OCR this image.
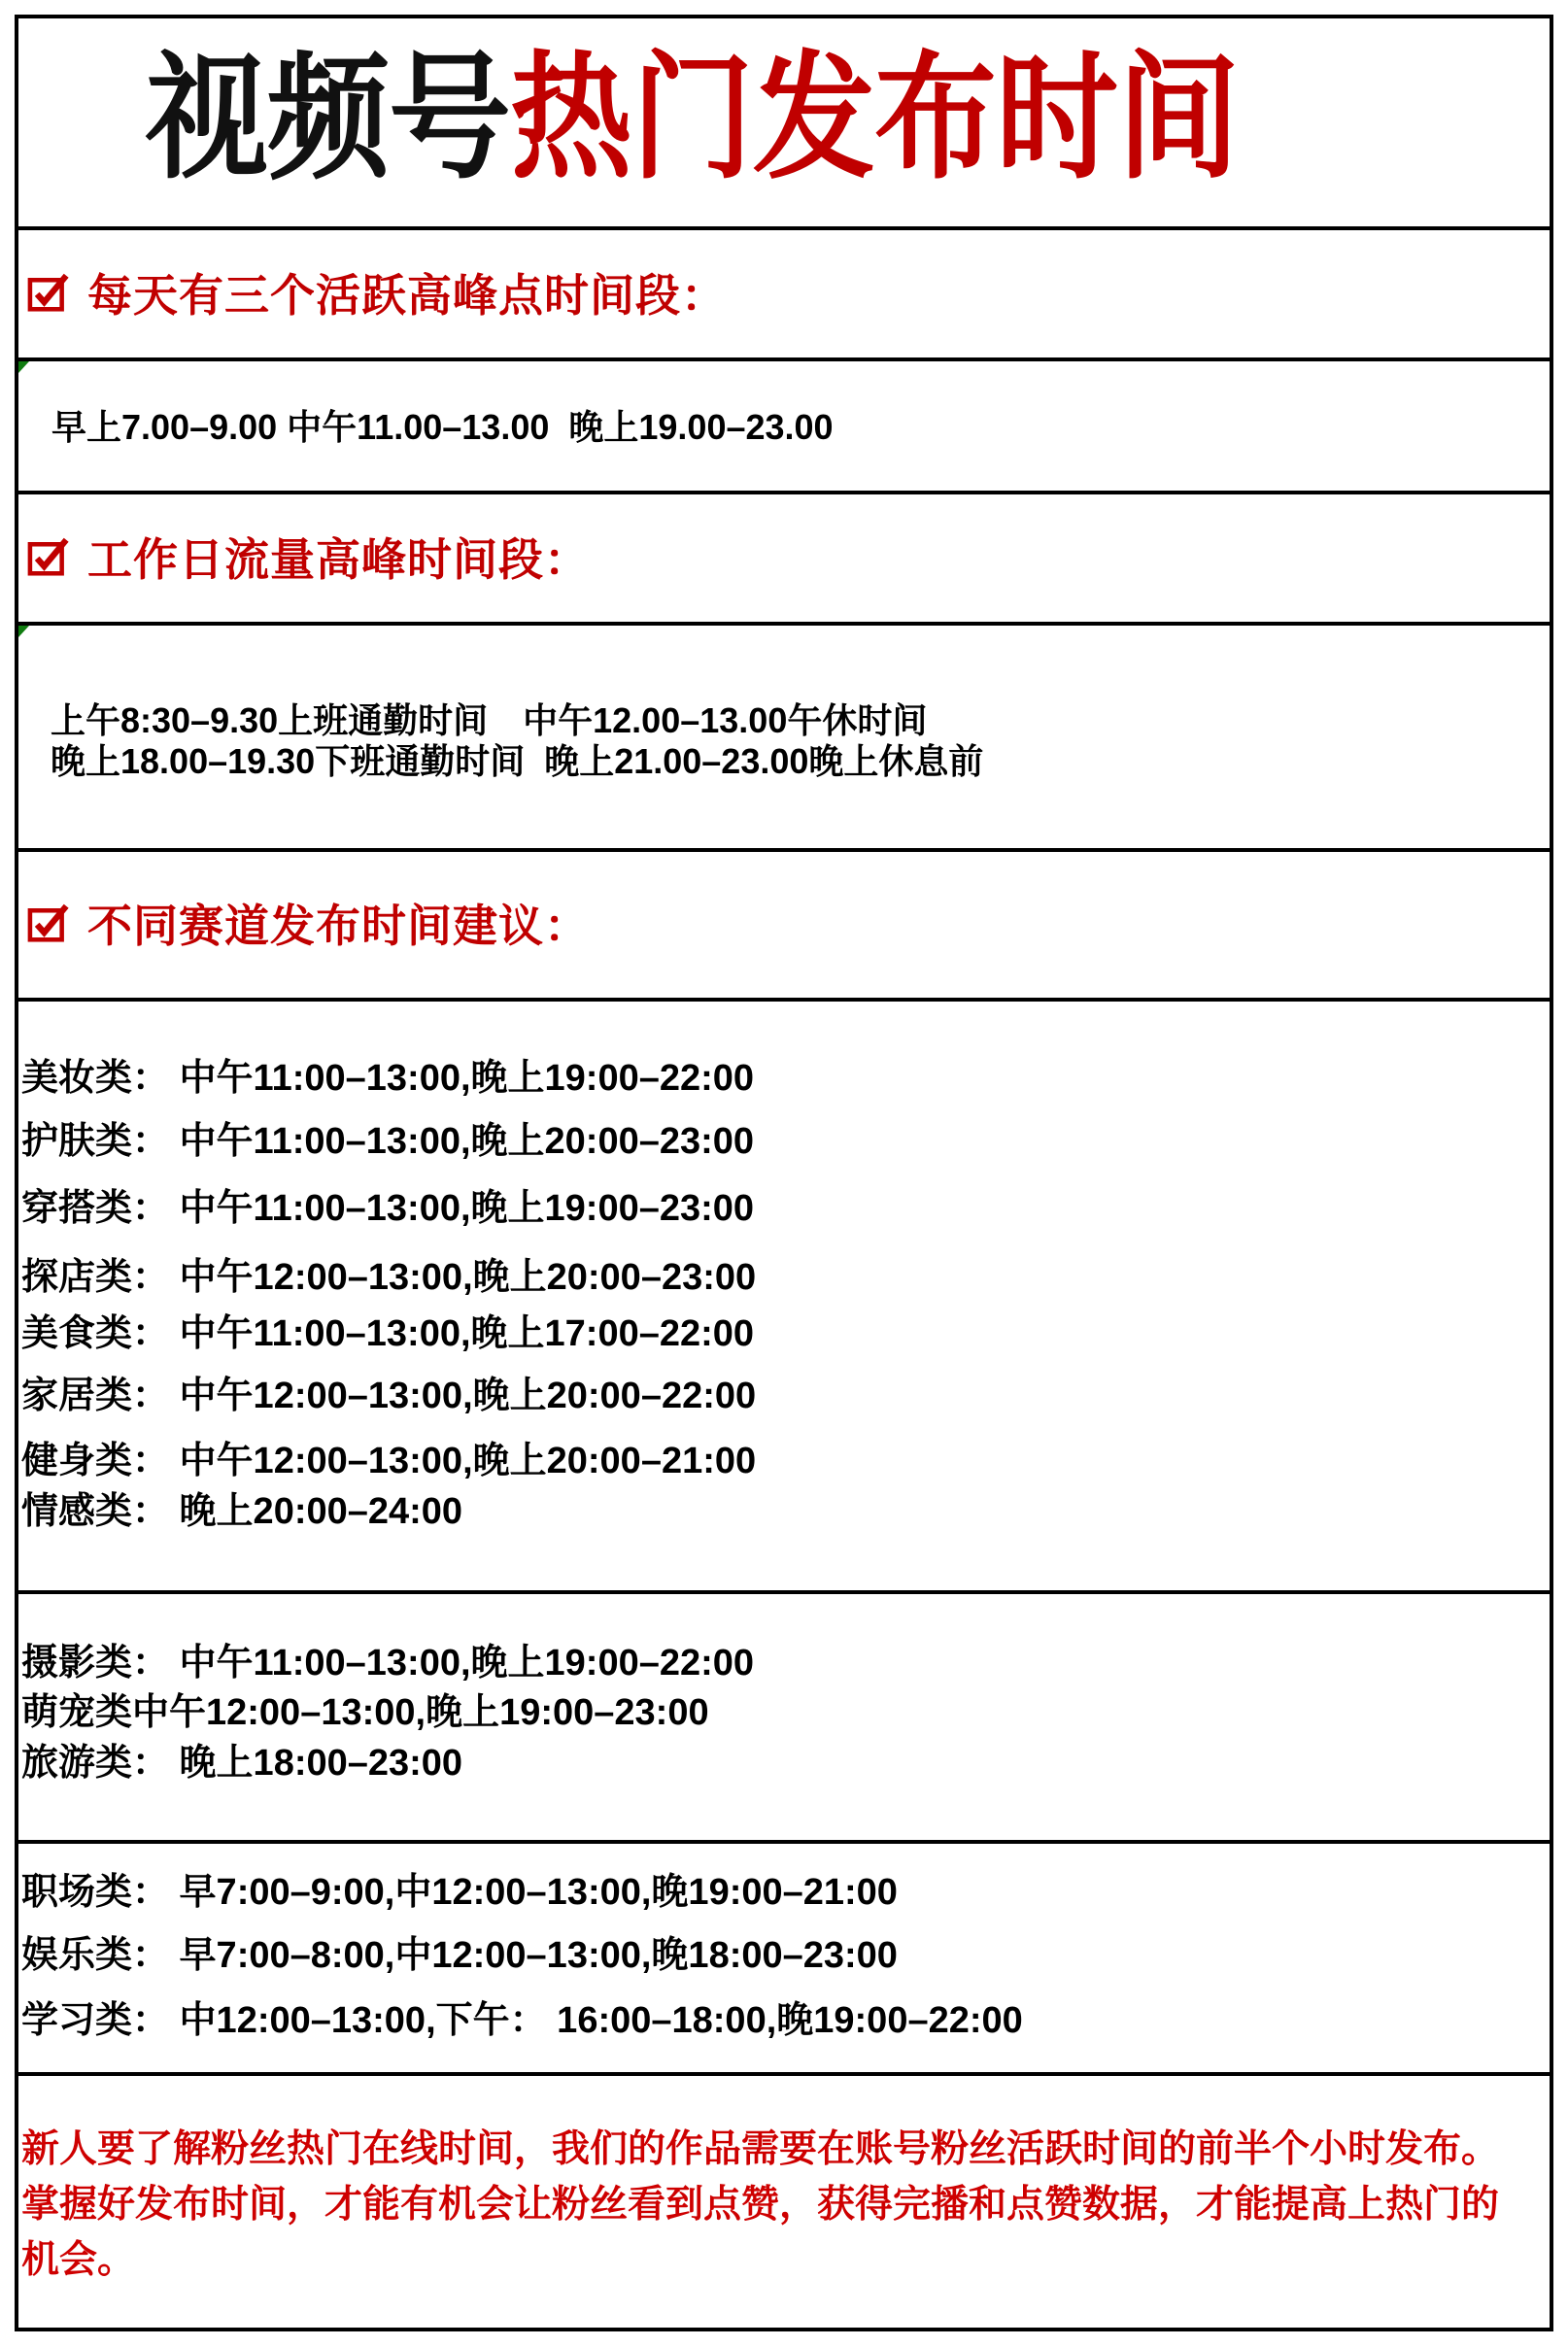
视频号热门发布时间
每天有三个活跃高峰点时间段：
早上7.00–9.00 中午11.00–13.00  晚上19.00–23.00
工作日流量高峰时间段：
上午8:30–9.30上班通勤时间　中午12.00–13.00午休时间
晚上18.00–19.30下班通勤时间  晚上21.00–23.00晚上休息前
不同赛道发布时间建议：
美妆类： 中午11:00–13:00,晚上19:00–22:00
护肤类： 中午11:00–13:00,晚上20:00–23:00
穿搭类： 中午11:00–13:00,晚上19:00–23:00
探店类： 中午12:00–13:00,晚上20:00–23:00
美食类： 中午11:00–13:00,晚上17:00–22:00
家居类： 中午12:00–13:00,晚上20:00–22:00
健身类： 中午12:00–13:00,晚上20:00–21:00
情感类： 晚上20:00–24:00
摄影类： 中午11:00–13:00,晚上19:00–22:00
萌宠类中午12:00–13:00,晚上19:00–23:00
旅游类： 晚上18:00–23:00
职场类： 早7:00–9:00,中12:00–13:00,晚19:00–21:00
娱乐类： 早7:00–8:00,中12:00–13:00,晚18:00–23:00
学习类： 中12:00–13:00,下午： 16:00–18:00,晚19:00–22:00
新人要了解粉丝热门在线时间，我们的作品需要在账号粉丝活跃时间的前半个小时发布。
掌握好发布时间，才能有机会让粉丝看到点赞，获得完播和点赞数据，才能提高上热门的
机会。
